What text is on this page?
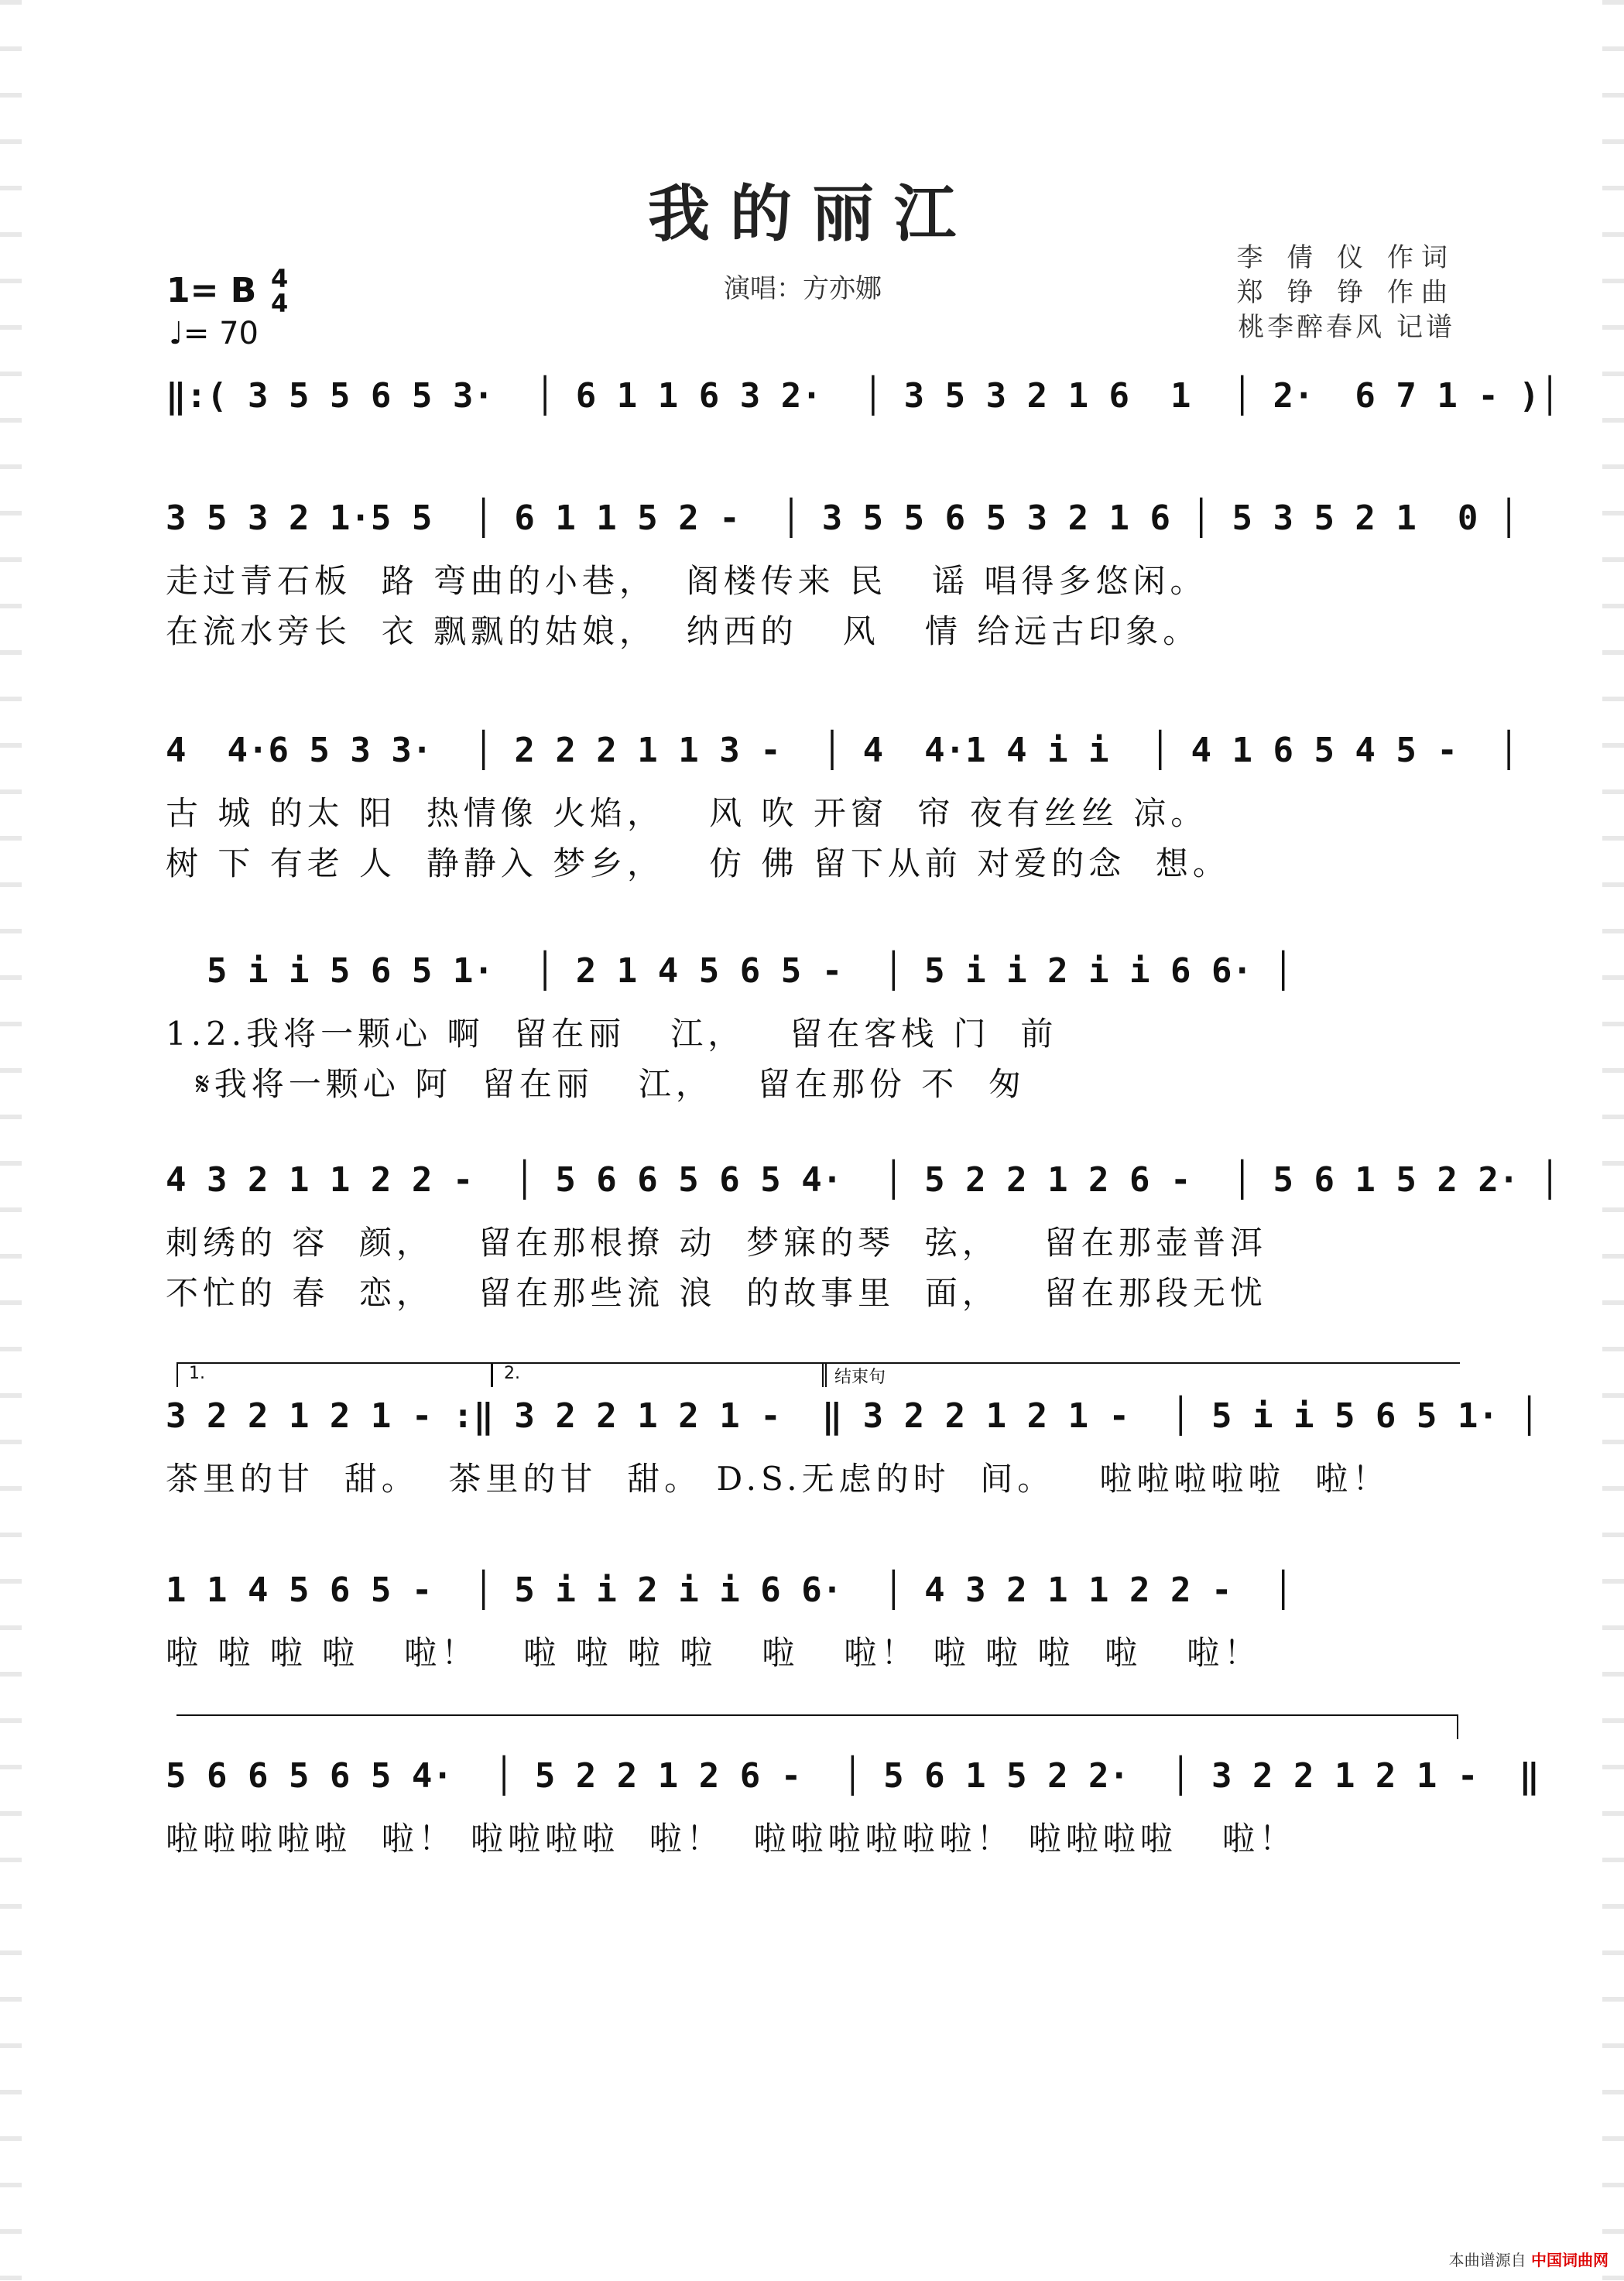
我的丽江
李 倩 仪 作词
郑 铮 铮 作曲
桃李醉春风 记谱
1= B 4
4
♩= 70
演唱：方亦娜
‖:( 3 5 5 6 5 3·  │ 6 1 1 6 3 2·  │ 3 5 3 2 1 6  1  │ 2·  6 7 1 - )│
3 5 3 2 1·5 5  │ 6 1 1 5 2 -  │ 3 5 5 6 5 3 2 1 6 │ 5 3 5 2 1  0 │
走过青石板  路 弯曲的小巷，  阁楼传来 民   谣 唱得多悠闲。
在流水旁长  衣 飘飘的姑娘，  纳西的   风   情 给远古印象。
4  4·6 5 3 3·  │ 2 2 2 1 1 3 -  │ 4  4·1 4 i i  │ 4 1 6 5 4 5 -  │
古 城 的太 阳  热情像 火焰，   风 吹 开窗  帘 夜有丝丝 凉。
树 下 有老 人  静静入 梦乡，   仿 佛 留下从前 对爱的念  想。
5 i i 5 6 5 1·  │ 2 1 4 5 6 5 -  │ 5 i i 2 i i 6 6· │
1.2.我将一颗心 啊  留在丽   江，   留在客栈 门  前
𝄋我将一颗心 阿  留在丽   江，   留在那份 不  匆
4 3 2 1 1 2 2 -  │ 5 6 6 5 6 5 4·  │ 5 2 2 1 2 6 -  │ 5 6 1 5 2 2· │
刺绣的 容  颜，   留在那根撩 动  梦寐的琴  弦，   留在那壶普洱
不忙的 春  恋，   留在那些流 浪  的故事里  面，   留在那段无忧
1.	2.	结束句
3 2 2 1 2 1 - :‖ 3 2 2 1 2 1 -  ‖ 3 2 2 1 2 1 -  │ 5 i i 5 6 5 1· │
茶里的甘  甜。  茶里的甘  甜。 D.S.无虑的时  间。   啦啦啦啦啦  啦！
1 1 4 5 6 5 -  │ 5 i i 2 i i 6 6·  │ 4 3 2 1 1 2 2 -  │
啦 啦 啦 啦   啦！   啦 啦 啦 啦   啦   啦！ 啦 啦 啦  啦   啦！
5 6 6 5 6 5 4·  │ 5 2 2 1 2 6 -  │ 5 6 1 5 2 2·  │ 3 2 2 1 2 1 -  ‖
啦啦啦啦啦  啦！ 啦啦啦啦  啦！  啦啦啦啦啦啦！ 啦啦啦啦   啦！
本曲谱源自 中国词曲网
